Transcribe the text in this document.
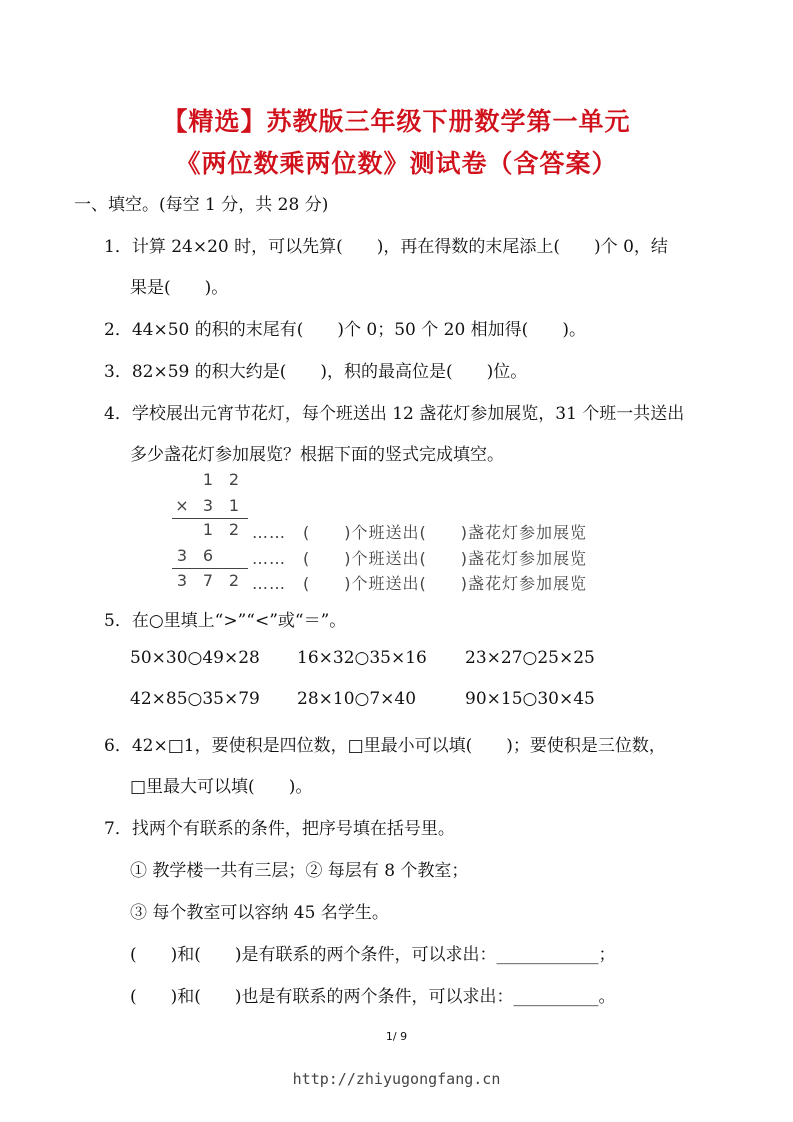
【精选】苏教版三年级下册数学第一单元
《两位数乘两位数》测试卷（含答案）
一、填空。(每空 1 分，共 28 分)
1．计算 24×20 时，可以先算(　　)，再在得数的末尾添上(　　)个 0，结
果是(　　)。
2．44×50 的积的末尾有(　　)个 0；50 个 20 相加得(　　)。
3．82×59 的积大约是(　　)，积的最高位是(　　)位。
4．学校展出元宵节花灯，每个班送出 12 盏花灯参加展览，31 个班一共送出
多少盏花灯参加展览？根据下面的竖式完成填空。
1 2
× 3 1
1 2 ……　(　　)个班送出(　　)盏花灯参加展览
3 6	……　(　　)个班送出(　　)盏花灯参加展览
3 7 2 ……　(　　)个班送出(　　)盏花灯参加展览
5．在○里填上“>”“<”或“＝”。
50×30○49×28 16×32○35×16 23×27○25×25
42×85○35×79 28×10○7×40	90×15○30×45
6．42×□1，要使积是四位数，□里最小可以填(　　)；要使积是三位数，
□里最大可以填(　　)。
7．找两个有联系的条件，把序号填在括号里。
① 教学楼一共有三层；② 每层有 8 个教室；
③ 每个教室可以容纳 45 名学生。
(　　)和(　　)是有联系的两个条件，可以求出：____________；
(　　)和(　　)也是有联系的两个条件，可以求出：__________。
1/ 9
http://zhiyugongfang.cn
